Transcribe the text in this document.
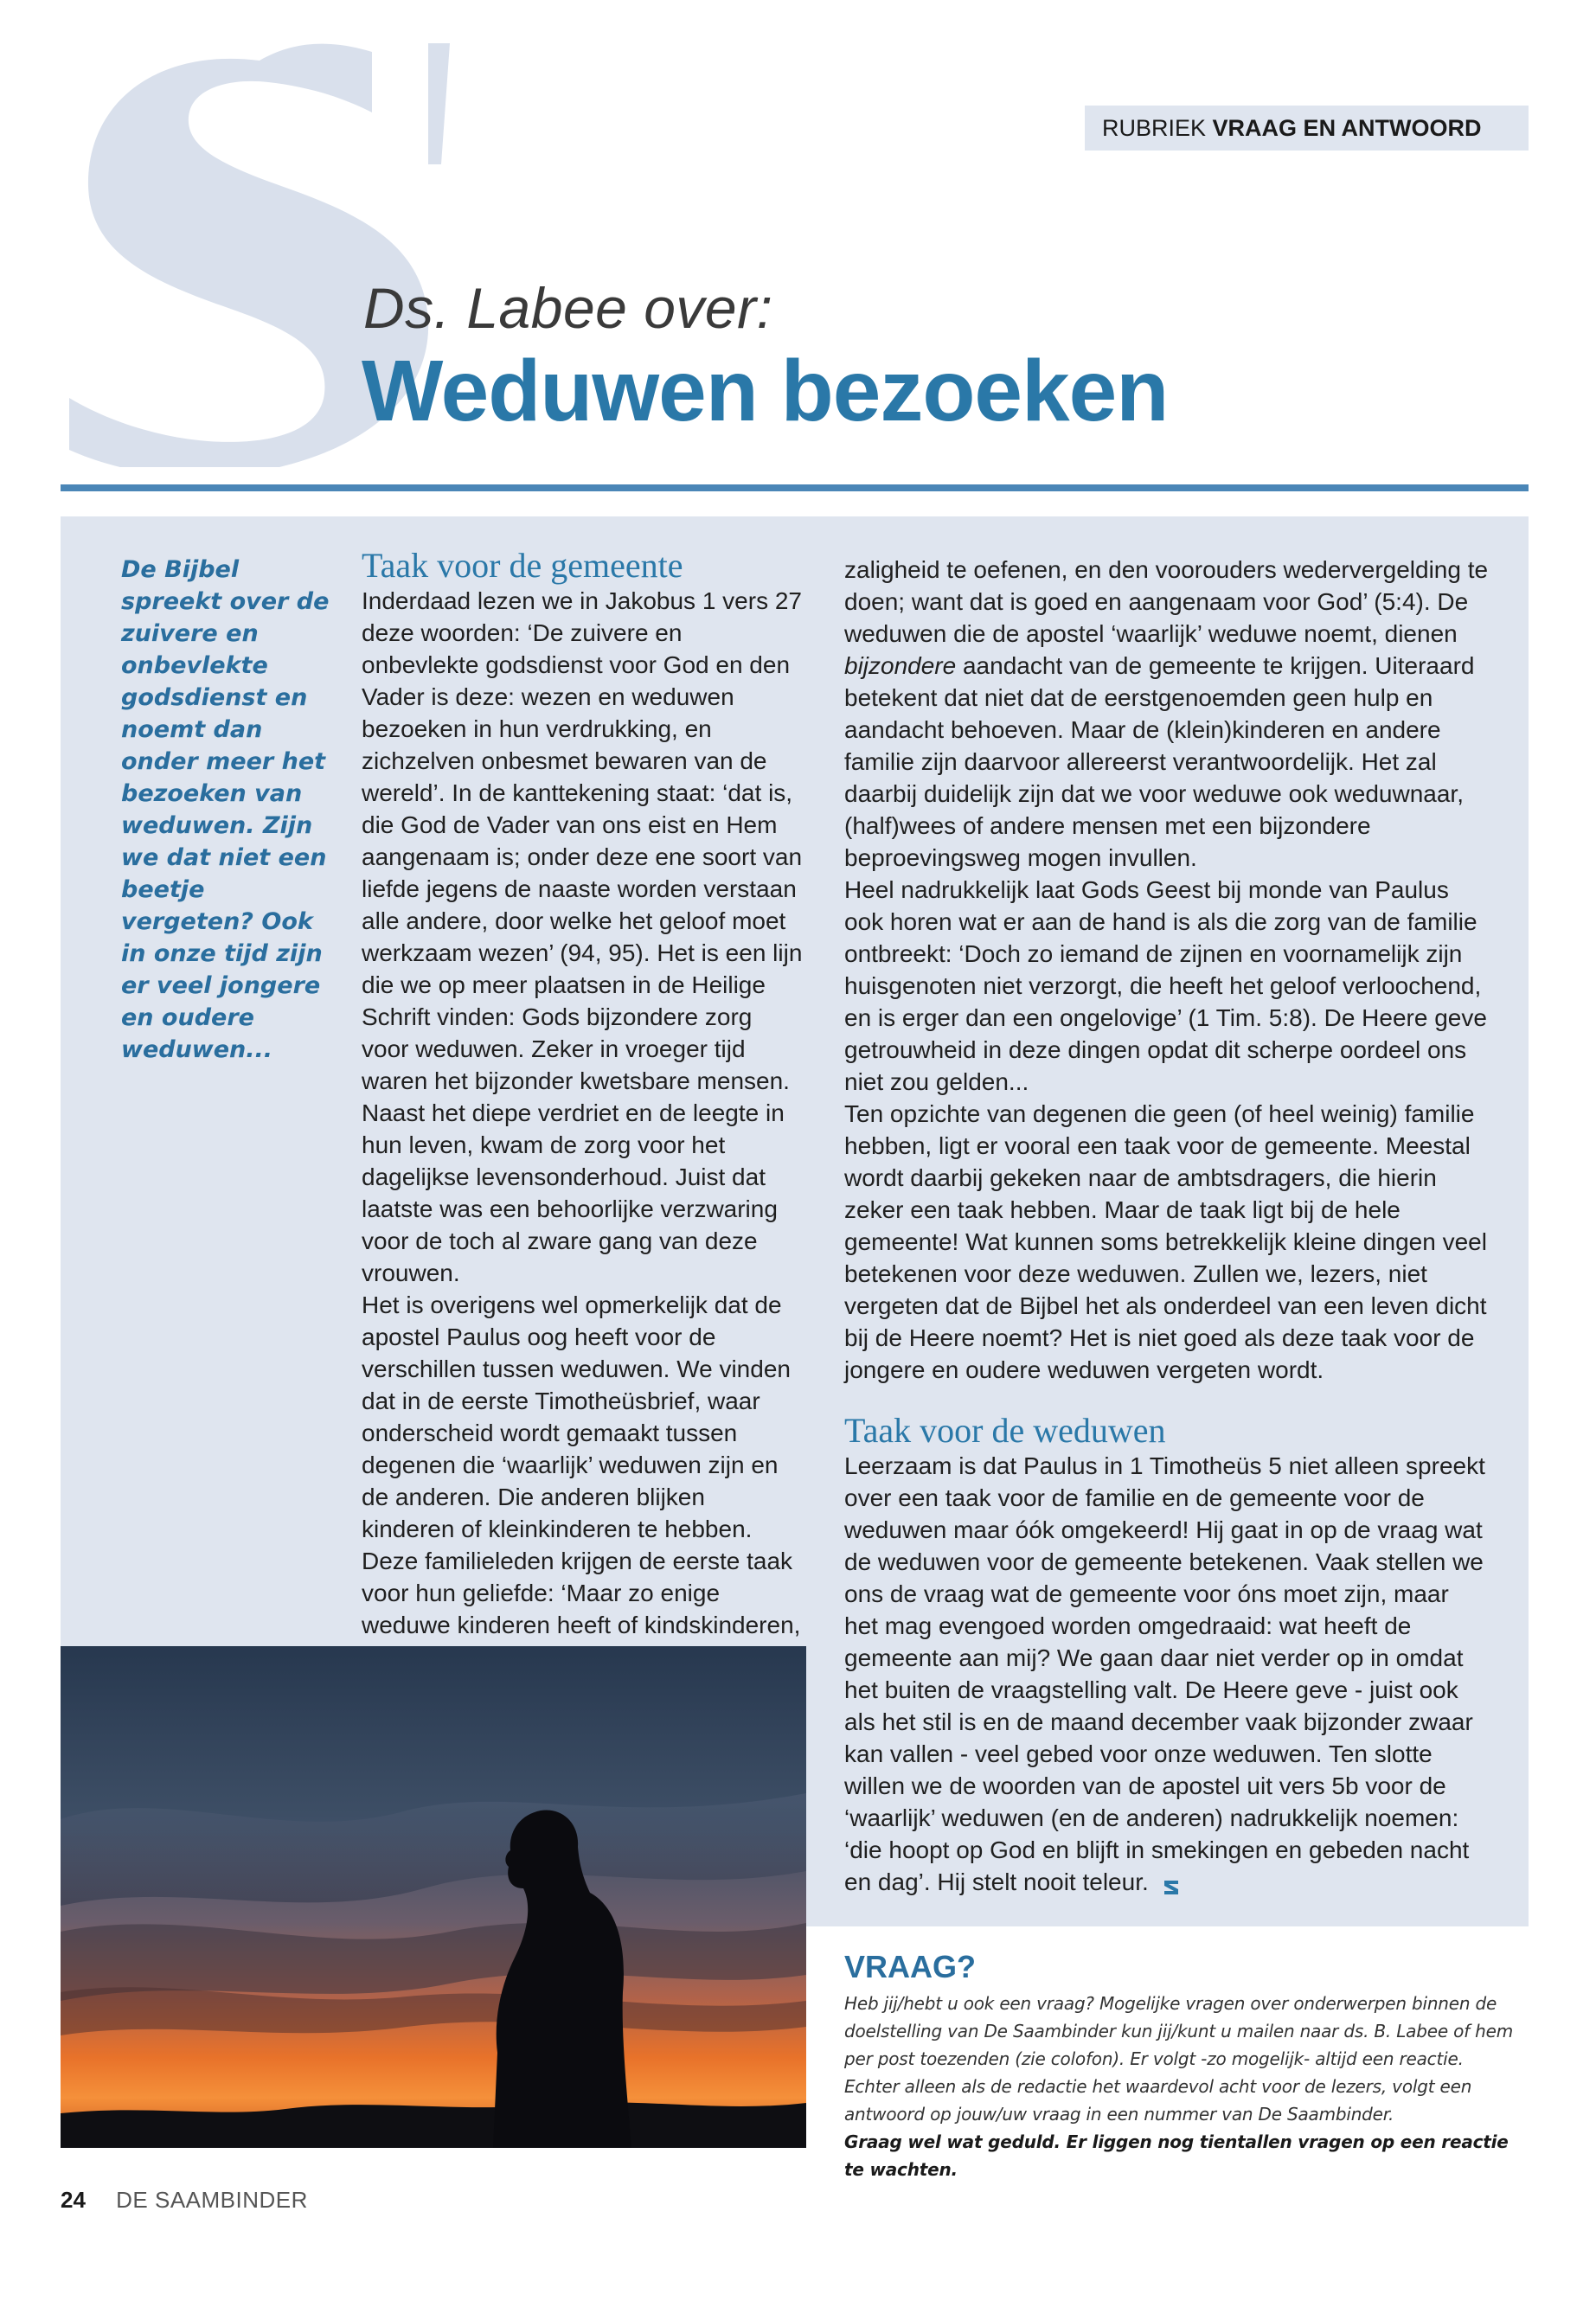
RUBRIEK VRAAG EN ANTWOORD
Ds. Labee over:
Weduwen bezoeken
De Bijbel spreekt over de zuivere en onbevlekte godsdienst en noemt dan onder meer het bezoeken van weduwen. Zijn we dat niet een beetje vergeten? Ook in onze tijd zijn er veel jongere en oudere weduwen...

Taak voor de gemeente

Inderdaad lezen we in Jakobus 1 vers 27 deze woorden: ‘De zuivere en onbevlekte godsdienst voor God en den Vader is deze: wezen en weduwen bezoeken in hun verdrukking, en zichzelven onbesmet bewaren van de wereld’. In de kanttekening staat: ‘dat is, die God de Vader van ons eist en Hem aangenaam is; onder deze ene soort van liefde jegens de naaste worden verstaan alle andere, door welke het geloof moet werkzaam wezen’ (94, 95). Het is een lijn die we op meer plaatsen in de Heilige Schrift vinden: Gods bijzondere zorg voor weduwen. Zeker in vroeger tijd waren het bijzonder kwetsbare mensen. Naast het diepe verdriet en de leegte in hun leven, kwam de zorg voor het dagelijkse levensonderhoud. Juist dat laatste was een behoorlijke verzwaring voor de toch al zware gang van deze vrouwen.

Het is overigens wel opmerkelijk dat de apostel Paulus oog heeft voor de verschillen tussen weduwen. We vinden dat in de eerste Timotheüsbrief, waar onderscheid wordt gemaakt tussen degenen die ‘waarlijk’ weduwen zijn en de anderen. Die anderen blijken kinderen of kleinkinderen te hebben. Deze familieleden krijgen de eerste taak voor hun geliefde: ‘Maar zo enige weduwe kinderen heeft of kindskinderen,

zaligheid te oefenen, en den voorouders wedervergelding te doen; want dat is goed en aangenaam voor God’ (5:4). De weduwen die de apostel ‘waarlijk’ weduwe noemt, dienen bijzondere aandacht van de gemeente te krijgen. Uiteraard betekent dat niet dat de eerstgenoemden geen hulp en aandacht behoeven. Maar de (klein)kinderen en andere familie zijn daarvoor allereerst verantwoordelijk. Het zal daarbij duidelijk zijn dat we voor weduwe ook weduwnaar, (half)wees of andere mensen met een bijzondere beproevingsweg mogen invullen.

Heel nadrukkelijk laat Gods Geest bij monde van Paulus ook horen wat er aan de hand is als die zorg van de familie ontbreekt: ‘Doch zo iemand de zijnen en voornamelijk zijn huisgenoten niet verzorgt, die heeft het geloof verloochend, en is erger dan een ongelovige’ (1 Tim. 5:8). De Heere geve getrouwheid in deze dingen opdat dit scherpe oordeel ons niet zou gelden...

Ten opzichte van degenen die geen (of heel weinig) familie hebben, ligt er vooral een taak voor de gemeente. Meestal wordt daarbij gekeken naar de ambtsdragers, die hierin zeker een taak hebben. Maar de taak ligt bij de hele gemeente! Wat kunnen soms betrekkelijk kleine dingen veel betekenen voor deze weduwen. Zullen we, lezers, niet vergeten dat de Bijbel het als onderdeel van een leven dicht bij de Heere noemt? Het is niet goed als deze taak voor de jongere en oudere weduwen vergeten wordt.

Taak voor de weduwen

Leerzaam is dat Paulus in 1 Timotheüs 5 niet alleen spreekt over een taak voor de familie en de gemeente voor de weduwen maar óók omgekeerd! Hij gaat in op de vraag wat de weduwen voor de gemeente betekenen. Vaak stellen we ons de vraag wat de gemeente voor óns moet zijn, maar het mag evengoed worden omgedraaid: wat heeft de gemeente aan mij? We gaan daar niet verder op in omdat het buiten de vraagstelling valt. De Heere geve - juist ook als het stil is en de maand december vaak bijzonder zwaar kan vallen - veel gebed voor onze weduwen. Ten slotte willen we de woorden van de apostel uit vers 5b voor de ‘waarlijk’ weduwen (en de anderen) nadrukkelijk noemen: ‘die hoopt op God en blijft in smekingen en gebeden nacht en dag’. Hij stelt nooit teleur.

VRAAG?
Heb jij/hebt u ook een vraag? Mogelijke vragen over onderwerpen binnen de doelstelling van De Saambinder kun jij/kunt u mailen naar ds. B. Labee of hem per post toezenden (zie colofon). Er volgt -zo mogelijk- altijd een reactie.
Echter alleen als de redactie het waardevol acht voor de lezers, volgt een antwoord op jouw/uw vraag in een nummer van De Saambinder.
Graag wel wat geduld. Er liggen nog tientallen vragen op een reactie te wachten.
24 DE SAAMBINDER
